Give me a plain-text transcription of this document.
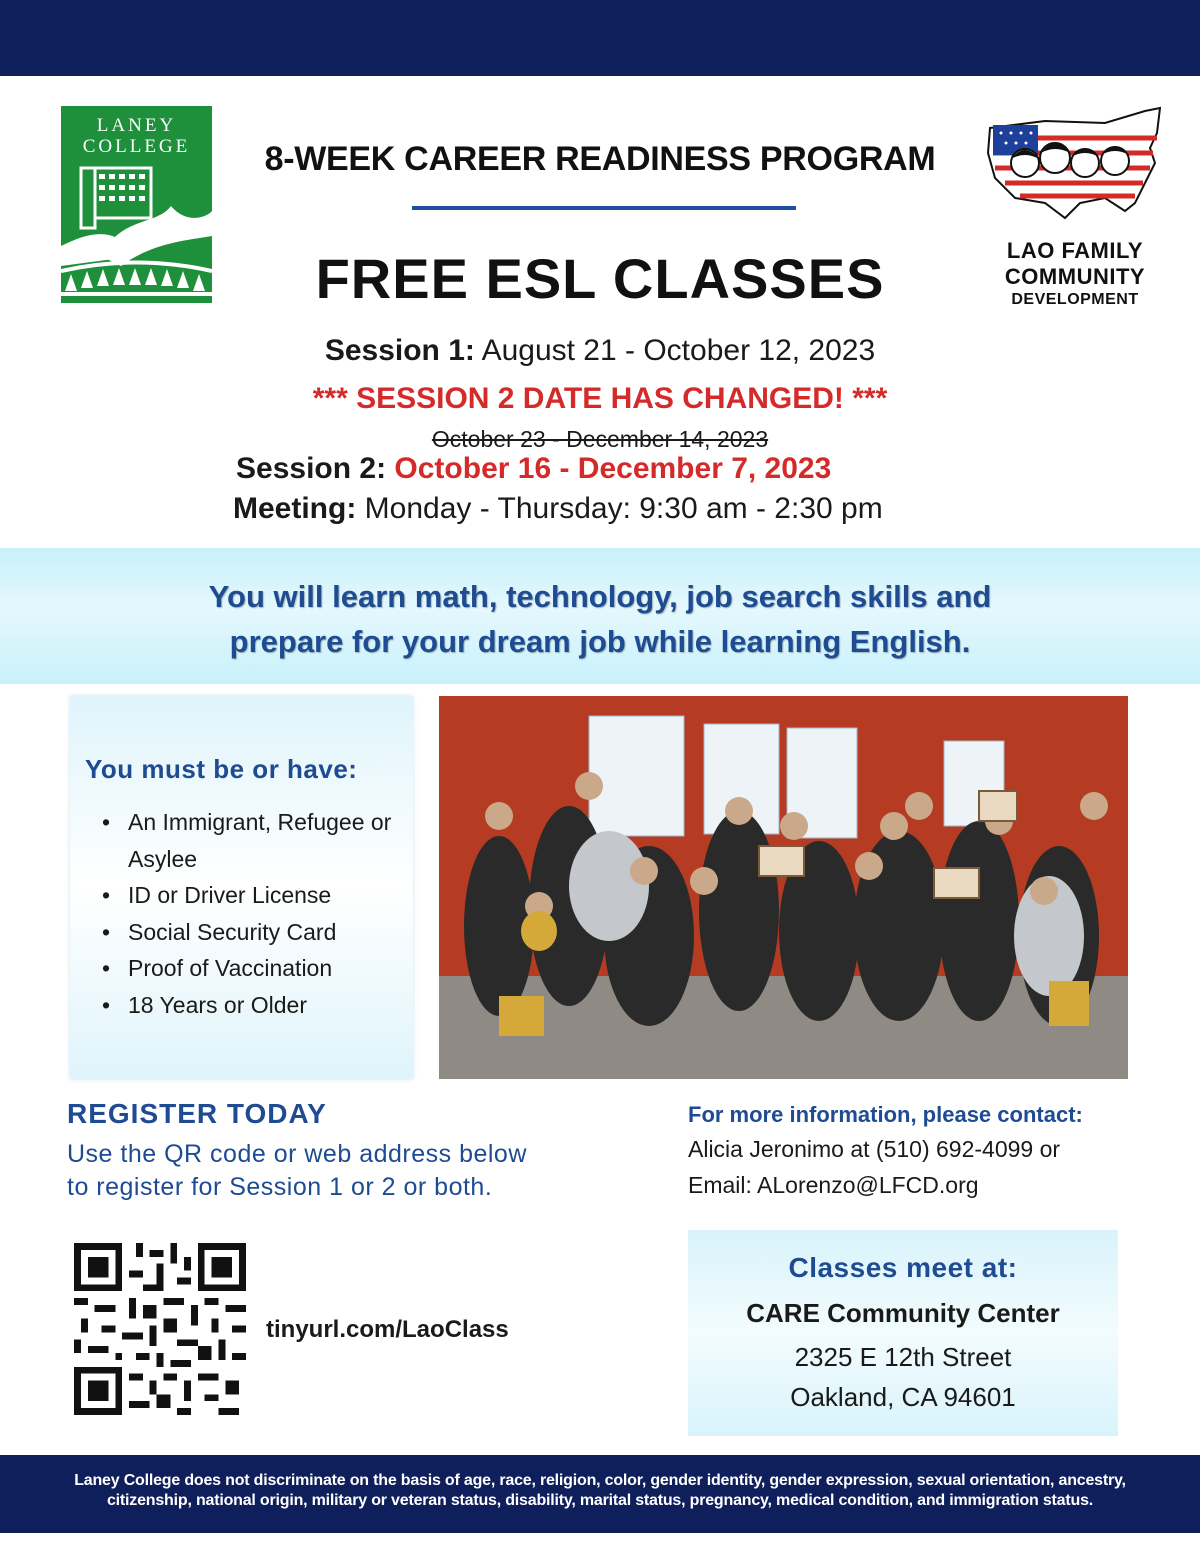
LANEY
COLLEGE
LAO FAMILY
COMMUNITY
DEVELOPMENT
8-WEEK CAREER READINESS PROGRAM
FREE ESL CLASSES
Session 1: August 21 - October 12, 2023
*** SESSION 2 DATE HAS CHANGED! ***
October 23 - December 14, 2023
Session 2: October 16 - December 7, 2023
Meeting: Monday - Thursday: 9:30 am - 2:30 pm
You will learn math, technology, job search skills and
prepare for your dream job while learning English.
You must be or have:
• An Immigrant, Refugee or Asylee
• ID or Driver License
• Social Security Card
• Proof of Vaccination
• 18 Years or Older
REGISTER TODAY
Use the QR code or web address below
to register for Session 1 or 2 or both.
For more information, please contact:
Alicia Jeronimo at (510) 692-4099 or
Email: ALorenzo@LFCD.org
tinyurl.com/LaoClass
Classes meet at:
CARE Community Center
2325 E 12th Street
Oakland, CA 94601
Laney College does not discriminate on the basis of age, race, religion, color, gender identity, gender expression, sexual orientation, ancestry,
citizenship, national origin, military or veteran status, disability, marital status, pregnancy, medical condition, and immigration status.
